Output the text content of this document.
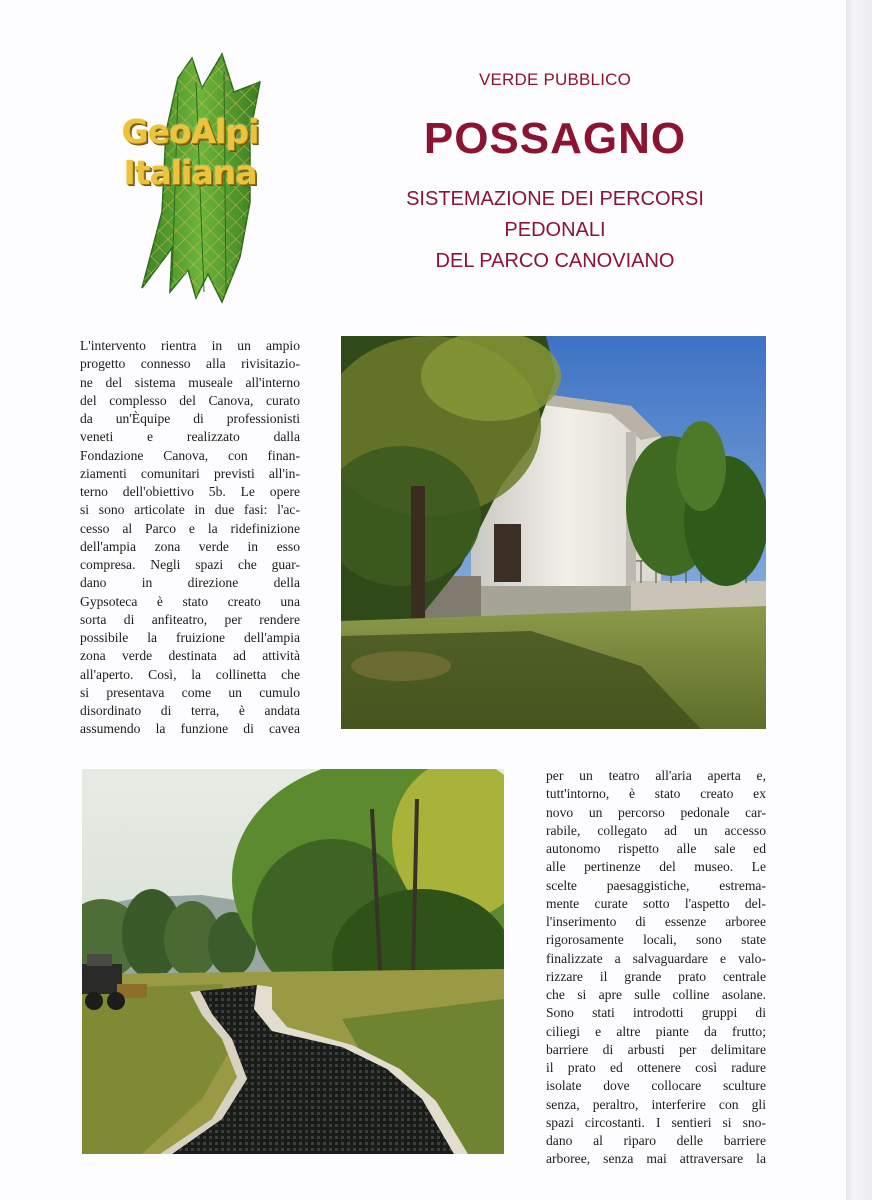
GeoAlpi
Italiana
VERDE PUBBLICO
POSSAGNO
SISTEMAZIONE DEI PERCORSI
PEDONALI
DEL PARCO CANOVIANO
L'intervento rientra in un ampio
progetto connesso alla rivisitazio-
ne del sistema museale all'interno
del complesso del Canova, curato
da un'Èquipe di professionisti
veneti e realizzato dalla
Fondazione Canova, con finan-
ziamenti comunitari previsti all'in-
terno dell'obiettivo 5b. Le opere
si sono articolate in due fasi: l'ac-
cesso al Parco e la ridefinizione
dell'ampia zona verde in esso
compresa. Negli spazi che guar-
dano in direzione della
Gypsoteca è stato creato una
sorta di anfiteatro, per rendere
possibile la fruizione dell'ampia
zona verde destinata ad attività
all'aperto. Così, la collinetta che
si presentava come un cumulo
disordinato di terra, è andata
assumendo la funzione di cavea
per un teatro all'aria aperta e,
tutt'intorno, è stato creato ex
novo un percorso pedonale car-
rabile, collegato ad un accesso
autonomo rispetto alle sale ed
alle pertinenze del museo. Le
scelte paesaggistiche, estrema-
mente curate sotto l'aspetto del-
l'inserimento di essenze arboree
rigorosamente locali, sono state
finalizzate a salvaguardare e valo-
rizzare il grande prato centrale
che si apre sulle colline asolane.
Sono stati introdotti gruppi di
ciliegi e altre piante da frutto;
barriere di arbusti per delimitare
il prato ed ottenere così radure
isolate dove collocare sculture
senza, peraltro, interferire con gli
spazi circostanti. I sentieri si sno-
dano al riparo delle barriere
arboree, senza mai attraversare la
